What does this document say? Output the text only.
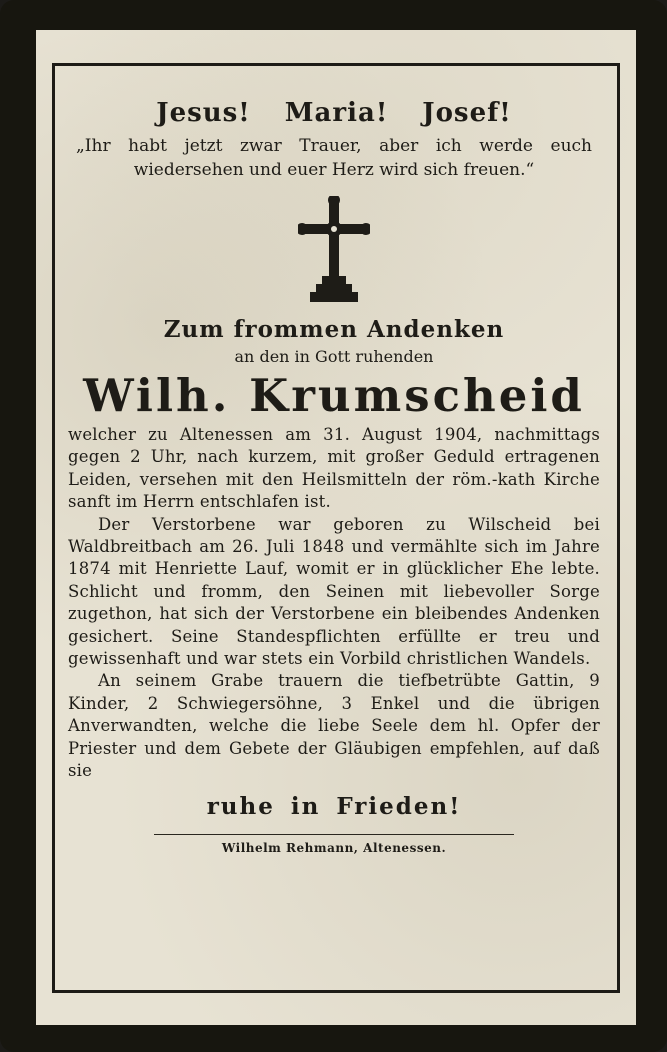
Jesus! Maria! Josef!
„Ihr habt jetzt zwar Trauer, aber ich werde euch wiedersehen und euer Herz wird sich freuen.“
Zum frommen Andenken
an den in Gott ruhenden
Wilh. Krumscheid

welcher zu Altenessen am 31. August 1904, nachmittags gegen 2 Uhr, nach kurzem, mit großer Geduld ertragenen Leiden, versehen mit den Heilsmitteln der röm.-kath Kirche sanft im Herrn entschlafen ist.

Der Verstorbene war geboren zu Wilscheid bei Waldbreitbach am 26. Juli 1848 und vermählte sich im Jahre 1874 mit Henriette Lauf, womit er in glücklicher Ehe lebte. Schlicht und fromm, den Seinen mit liebevoller Sorge zugethon, hat sich der Verstorbene ein bleibendes Andenken gesichert. Seine Standespflichten erfüllte er treu und gewissenhaft und war stets ein Vorbild christlichen Wandels.

An seinem Grabe trauern die tiefbetrübte Gattin, 9 Kinder, 2 Schwiegersöhne, 3 Enkel und die übrigen Anverwandten, welche die liebe Seele dem hl. Opfer der Priester und dem Gebete der Gläubigen empfehlen, auf daß sie

ruhe in Frieden!
Wilhelm Rehmann, Altenessen.
